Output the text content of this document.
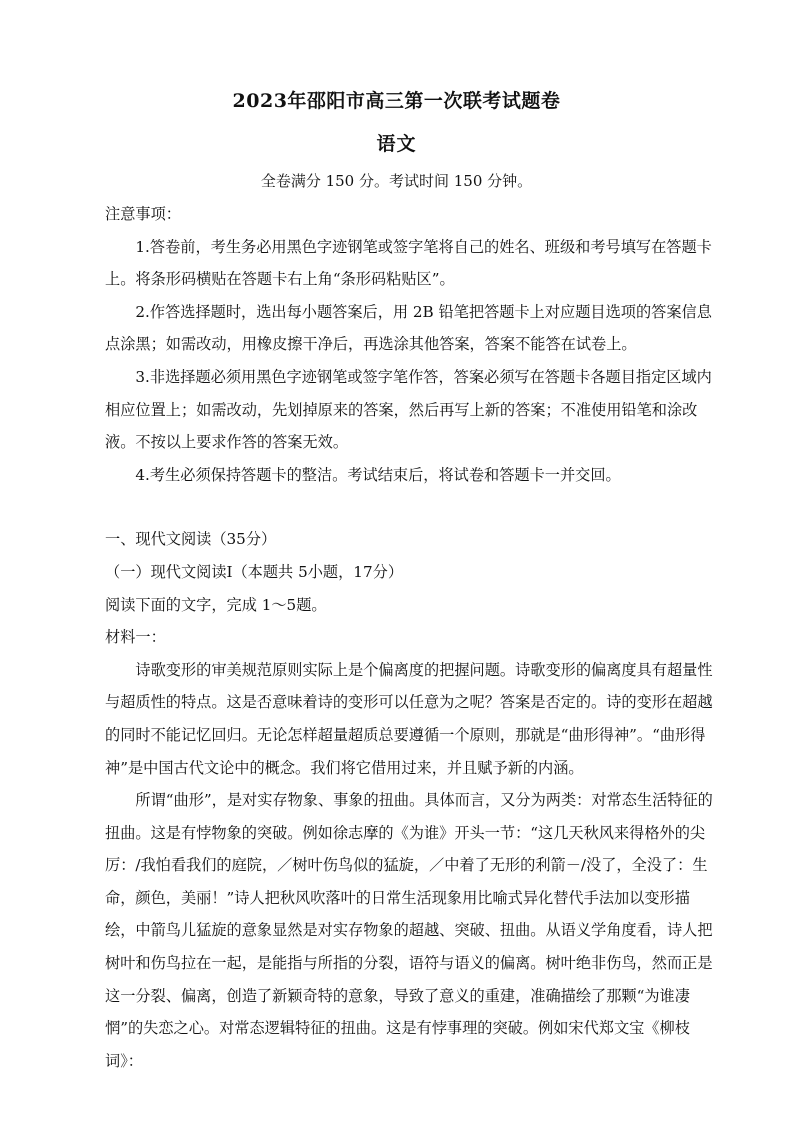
2023年邵阳市高三第一次联考试题卷
语文
全卷满分 150 分。考试时间 150 分钟。

注意事项：

1.答卷前，考生务必用黑色字迹钢笔或签字笔将自己的姓名、班级和考号填写在答题卡上。将条形码横贴在答题卡右上角“条形码粘贴区”。

2.作答选择题时，选出每小题答案后，用 2B 铅笔把答题卡上对应题目选项的答案信息点涂黑；如需改动，用橡皮擦干净后，再选涂其他答案，答案不能答在试卷上。

3.非选择题必须用黑色字迹钢笔或签字笔作答，答案必须写在答题卡各题目指定区域内相应位置上；如需改动，先划掉原来的答案，然后再写上新的答案；不准使用铅笔和涂改液。不按以上要求作答的答案无效。

4.考生必须保持答题卡的整洁。考试结束后，将试卷和答题卡一并交回。

一、现代文阅读（35分）

（一）现代文阅读Ⅰ（本题共 5小题，17分）

阅读下面的文字，完成 1～5题。

材料一：

诗歌变形的审美规范原则实际上是个偏离度的把握问题。诗歌变形的偏离度具有超量性与超质性的特点。这是否意味着诗的变形可以任意为之呢？答案是否定的。诗的变形在超越的同时不能记忆回归。无论怎样超量超质总要遵循一个原则，那就是“曲形得神”。“曲形得神”是中国古代文论中的概念。我们将它借用过来，并且赋予新的内涵。

所谓“曲形”，是对实存物象、事象的扭曲。具体而言，又分为两类：对常态生活特征的扭曲。这是有悖物象的突破。例如徐志摩的《为谁》开头一节：“这几天秋风来得格外的尖厉：/我怕看我们的庭院，／树叶伤鸟似的猛旋，／中着了无形的利箭－/没了，全没了：生命，颜色，美丽！”诗人把秋风吹落叶的日常生活现象用比喻式异化替代手法加以变形描绘，中箭鸟儿猛旋的意象显然是对实存物象的超越、突破、扭曲。从语义学角度看，诗人把树叶和伤鸟拉在一起，是能指与所指的分裂，语符与语义的偏离。树叶绝非伤鸟，然而正是这一分裂、偏离，创造了新颖奇特的意象，导致了意义的重建，准确描绘了那颗“为谁凄惘”的失恋之心。对常态逻辑特征的扭曲。这是有悖事理的突破。例如宋代郑文宝《柳枝词》：
